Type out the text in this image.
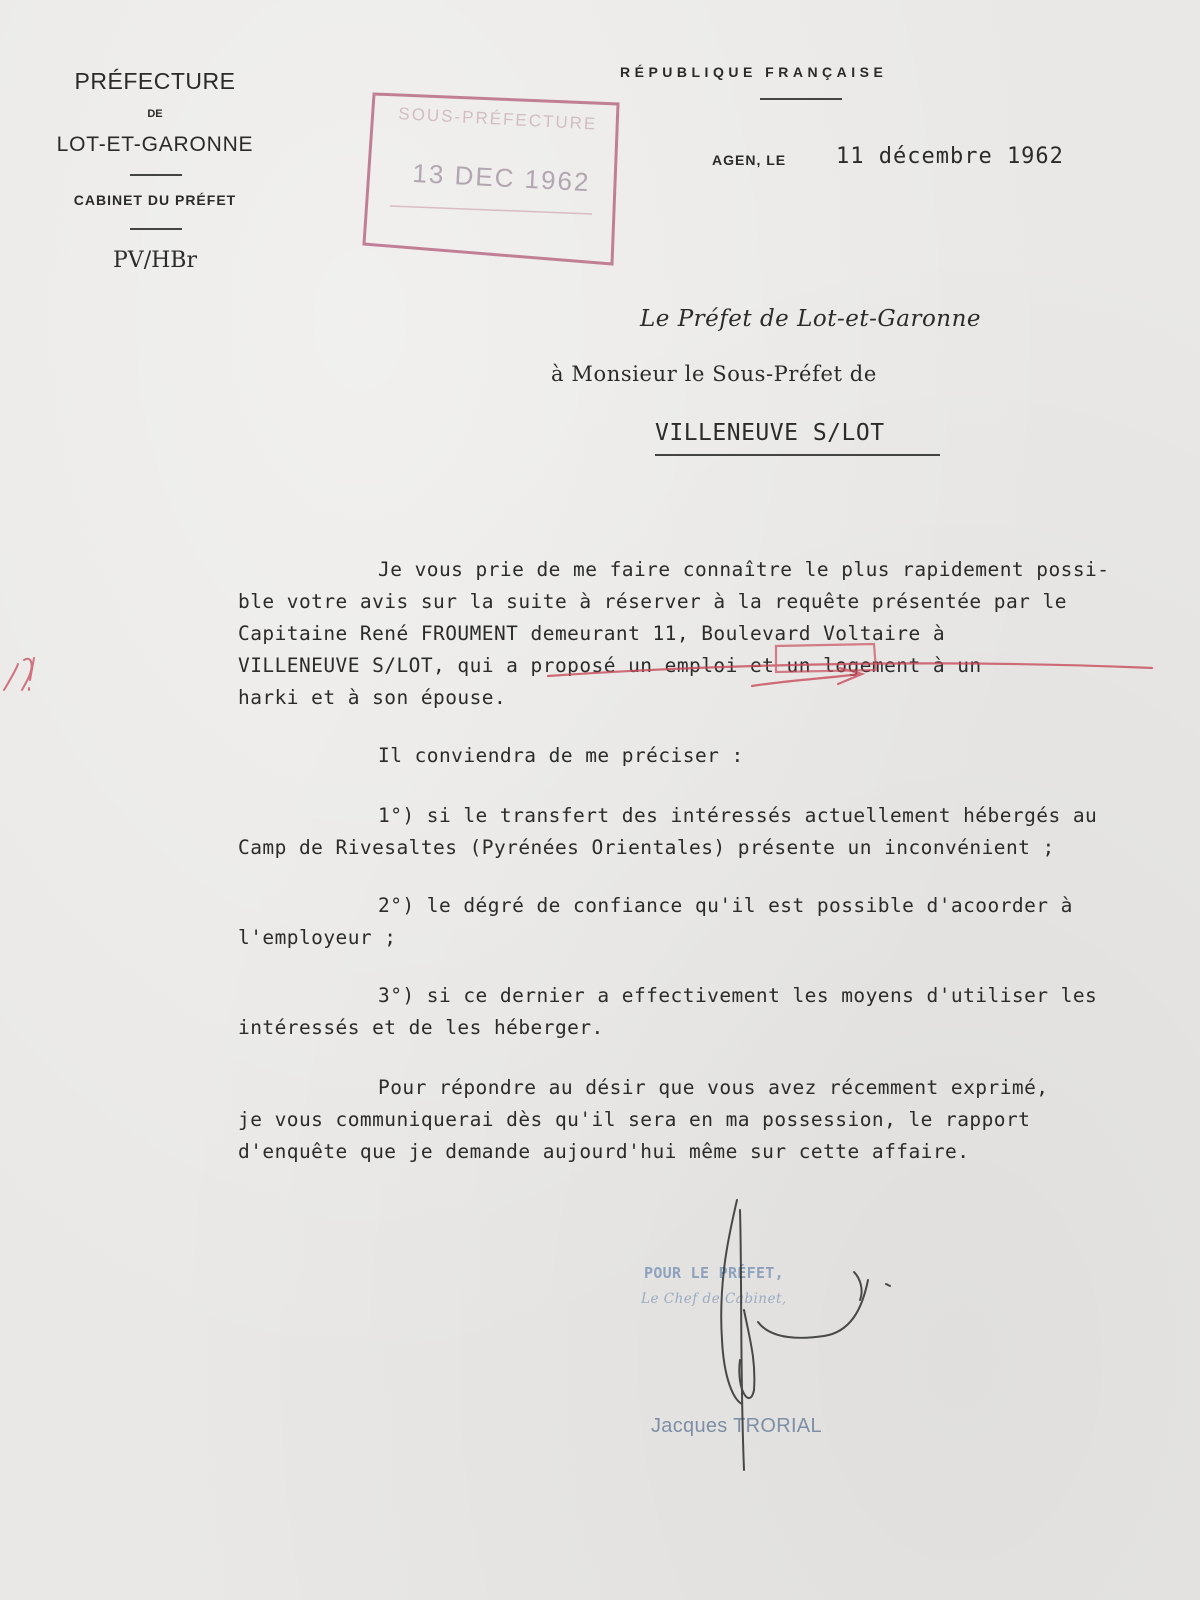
PRÉFECTURE
DE
LOT-ET-GARONNE
CABINET DU PRÉFET
PV/HBr
RÉPUBLIQUE FRANÇAISE
AGEN, LE 11 décembre 1962
SOUS-PRÉFECTURE
13 DEC 1962
Le Préfet de Lot-et-Garonne
à Monsieur le Sous-Préfet de
VILLENEUVE S/LOT
Je vous prie de me faire connaître le plus rapidement possi-
ble votre avis sur la suite à réserver à la requête présentée par le
Capitaine René FROUMENT demeurant 11, Boulevard Voltaire à
VILLENEUVE S/LOT, qui a proposé un emploi et un logement à un
harki et à son épouse.
Il conviendra de me préciser :
1°) si le transfert des intéressés actuellement hébergés au
Camp de Rivesaltes (Pyrénées Orientales) présente un inconvénient ;
2°) le dégré de confiance qu'il est possible d'acoorder à
l'employeur ;
3°) si ce dernier a effectivement les moyens d'utiliser les
intéressés et de les héberger.
Pour répondre au désir que vous avez récemment exprimé,
je vous communiquerai dès qu'il sera en ma possession, le rapport
d'enquête que je demande aujourd'hui même sur cette affaire.
POUR LE PRÉFET,
Le Chef de Cabinet,
Jacques TRORIAL
